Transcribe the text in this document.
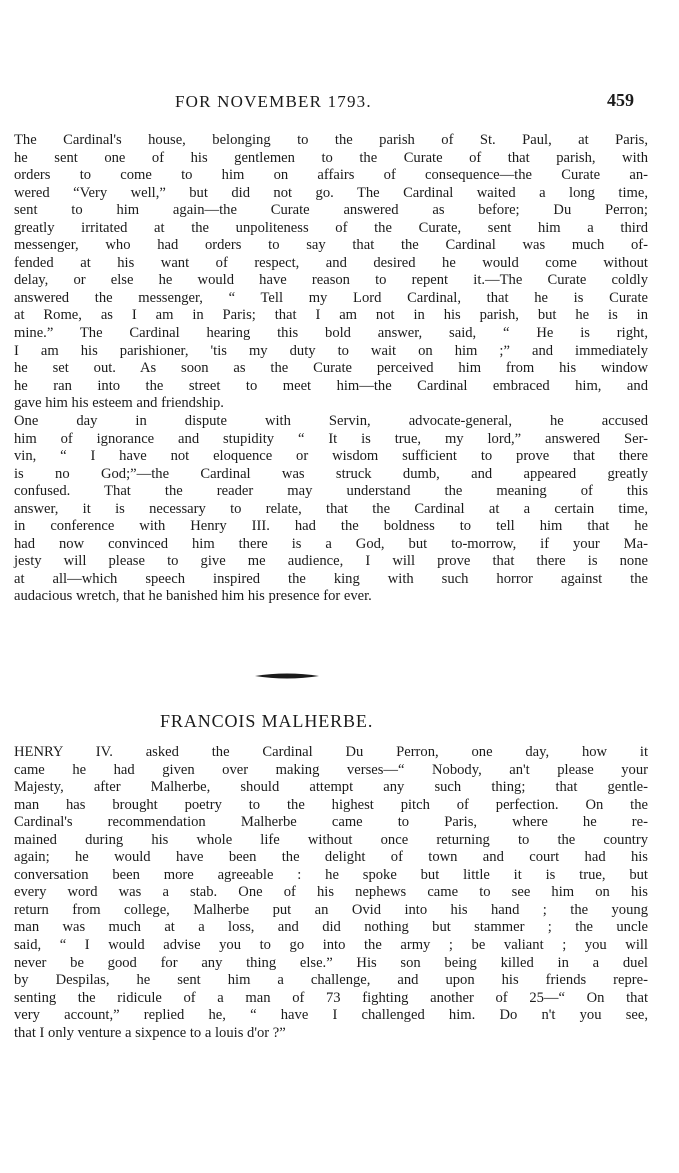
FOR NOVEMBER 1793.	459
The Cardinal's house, belonging to the parish of St. Paul, at Paris,
he sent one of his gentlemen to the Curate of that parish, with
orders to come to him on affairs of consequence—the Curate an-
wered “Very well,” but did not go. The Cardinal waited a long time,
sent to him again—the Curate answered as before; Du Perron;
greatly irritated at the unpoliteness of the Curate, sent him a third
messenger, who had orders to say that the Cardinal was much of-
fended at his want of respect, and desired he would come without
delay, or else he would have reason to repent it.—The Curate coldly
answered the messenger, “ Tell my Lord Cardinal, that he is Curate
at Rome, as I am in Paris; that I am not in his parish, but he is in
mine.” The Cardinal hearing this bold answer, said, “ He is right,
I am his parishioner, 'tis my duty to wait on him ;” and immediately
he set out. As soon as the Curate perceived him from his window
he ran into the street to meet him—the Cardinal embraced him, and
gave him his esteem and friendship.
One day in dispute with Servin, advocate-general, he accused
him of ignorance and stupidity “ It is true, my lord,” answered Ser-
vin, “ I have not eloquence or wisdom sufficient to prove that there
is no God;”—the Cardinal was struck dumb, and appeared greatly
confused. That the reader may understand the meaning of this
answer, it is necessary to relate, that the Cardinal at a certain time,
in conference with Henry III. had the boldness to tell him that he
had now convinced him there is a God, but to-morrow, if your Ma-
jesty will please to give me audience, I will prove that there is none
at all—which speech inspired the king with such horror against the
audacious wretch, that he banished him his presence for ever.
FRANCOIS MALHERBE.
HENRY IV. asked the Cardinal Du Perron, one day, how it
came he had given over making verses—“ Nobody, an't please your
Majesty, after Malherbe, should attempt any such thing; that gentle-
man has brought poetry to the highest pitch of perfection. On the
Cardinal's recommendation Malherbe came to Paris, where he re-
mained during his whole life without once returning to the country
again; he would have been the delight of town and court had his
conversation been more agreeable : he spoke but little it is true, but
every word was a stab. One of his nephews came to see him on his
return from college, Malherbe put an Ovid into his hand ; the young
man was much at a loss, and did nothing but stammer ; the uncle
said, “ I would advise you to go into the army ; be valiant ; you will
never be good for any thing else.” His son being killed in a duel
by Despilas, he sent him a challenge, and upon his friends repre-
senting the ridicule of a man of 73 fighting another of 25—“ On that
very account,” replied he, “ have I challenged him. Do n't you see,
that I only venture a sixpence to a louis d'or ?”
